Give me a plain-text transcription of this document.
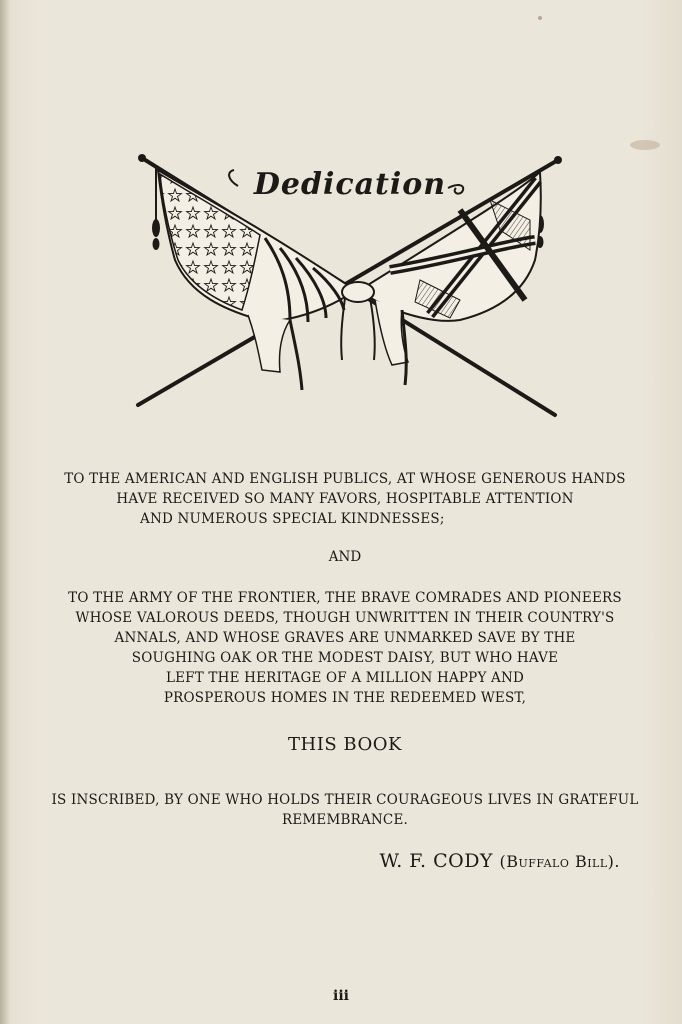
Dedication
TO THE AMERICAN AND ENGLISH PUBLICS, AT WHOSE GENEROUS HANDS
HAVE RECEIVED SO MANY FAVORS, HOSPITABLE ATTENTION
AND NUMEROUS SPECIAL KINDNESSES;
AND
TO THE ARMY OF THE FRONTIER, THE BRAVE COMRADES AND PIONEERS
WHOSE VALOROUS DEEDS, THOUGH UNWRITTEN IN THEIR COUNTRY'S
ANNALS, AND WHOSE GRAVES ARE UNMARKED SAVE BY THE
SOUGHING OAK OR THE MODEST DAISY, BUT WHO HAVE
LEFT THE HERITAGE OF A MILLION HAPPY AND
PROSPEROUS HOMES IN THE REDEEMED WEST,
THIS BOOK
IS INSCRIBED, BY ONE WHO HOLDS THEIR COURAGEOUS LIVES IN GRATEFUL
REMEMBRANCE.
W. F. CODY (Buffalo Bill).
iii
